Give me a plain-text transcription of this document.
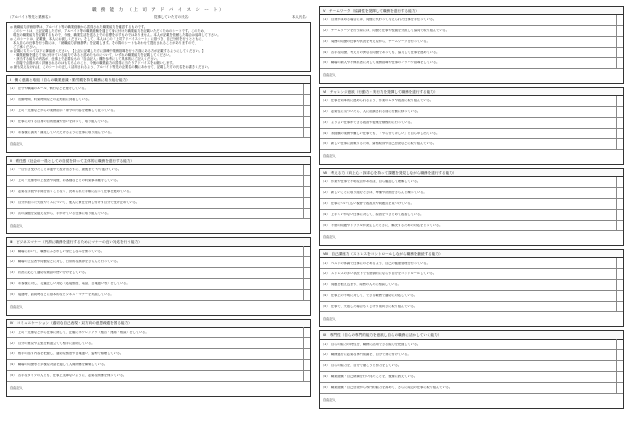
職 務 能 力 （上 司 ア ド バ イ ス シ ー ト）
（アルバイト等先と業務名）：	従事していた方の氏名：	本人氏名：
◎ 就職能力評価基準は、アルバイト等の職業経験から習得された職業能力を確認するものです。
　このシートは、上記記載した方が、アルバイト等の職業経験を通じて身に付けた職業能力を記載いただくためのシートです。このため、
　現在の職業能力を記載するもので、今後、職業生活を送る上での目標を示すものではありません。本人が記載を依頼した場合は返却して下さい。
◎ このシートは、記載後、本人にお渡しください。そして、本人はこの「上司アドバイスシート」に基づき、自己分析を行うとともに、
　本人自らの仕事を行う際には、「就職能力評価基準」を記載します。その際のシートもあわせて提出されることがありますので、
　ご了承ください。
◎ 記載にちたって以下に御留意ください。【上記に記載した方に訓練中業務指導を行う方面にある方が記載するようにしてください。】
　・職業経験を通じて身に付けている能力であると認めたものについて、いずれの職業能力を記載してください。
　・該当する能力の内容が、仕事上で必要なもの「自由記入」欄を参考にして具体的にご記入ください。
　・面接で点数が高く評価されるのはもちろんのこと、今後の職業能力の習得に当たりアドバイスをお願いします。
◎ 最も見えなければ、このシートの正しく活用されるよう、アルバイト等先の企業名の欄にあわせて、記載した方の氏名をお書きください。
Ⅰ　働く意識と取組（自らの職業意識・勤労観を持ち職務に取り組む能力）
（1）　法令や職場のルール、慣行などを遵守している。
（2）　出勤時間、約束時間などの定刻前に到着している。
（3）　上司・先輩などからの業務指示・命令の内容を理解して従っている。
（4）　仕事に対する自身の目的意識や思いを持って、取り組んでいる。
（5）　お客様に誠実・満足していただけるように仕事に取り組んでいる。
自由記入
Ⅱ　責任感（社会の一員としての自覚を持って主体的に職務を遂行する能力）
（1）　一旦引き受けたことは途中で投げ出さずに、最後まで やり遂げている。
（2）　上司・先輩等の上役者や同僚、お客様などとの約束事は厳守している。
（3）　必要な手続や手間を省くことなく、決められた手順に沿って仕事を進めている。
（4）　自分が担った失敗やミスについて、他人に責任を押し付けず自分で受け止めている。
（5）　次の課題を見据えながら、手がけている仕事に取り組んでいる。
自由記入
Ⅲ　ビジネスマナー（円滑に職務を遂行するためにマナーの良い対応を行う能力）
（1）　職場において、職務にふさわしい身だしなみを保っている。
（2）　職場の上位者や同僚などに対し、日常的な挨拶をきちんと行っている。
（3）　状況に応じて適切な敬語の使い分けをしている。
（4）　お客様に対し、礼儀正しい対応（応接態度、電話、言葉遣い等）をしている。
（5）　接遇時、訪問時などに基本的なビジネス・マナーを実践している。
自由記入
Ⅳ　コミュニケーション（適切な自己表現・双方向の意思疎通を図る能力）
（1）　上司・先輩などから仕事に関して、正確にホウレンソウ（報告・連絡・相談）をしている。
（2）　自分の意見や主張を筋道立てて相手に説明している。
（3）　相手の話す内容を把握し、適切な態度や言葉遣い、姿勢で傾聴している。
（4）　職場の同僚等と多様な対話を通して人間関係を構築している。
（5）　苦手なタイプの人とも、仕事上支障ないように、必要な関係を保っている。
自由記入
Ⅴ　チームワーク（協調性を発揮して職務を遂行する能力）
（1）　自身が求める場合には、同僚に代わって与えられた仕事を手伝っている。
（2）　チームワークを行う際には、同僚と仕事や役割を分担して協同で取り組んでいる。
（3）　周囲の同僚の仕事や状況を考えながら、チームワークを行っている。
（4）　苦手な同僚、考え方の異なる同僚であっても、協力して仕事を進めている。
（5）　職場の新人や不慣れ者に対して業務指導や仕事のノウハウ指導をしている。
自由記入
Ⅵ　チャレンジ意欲（行動力・実行力を発揮して職務を遂行する能力）
（1）　仕事を効率的に進められるよう、作業のムダや改善に取り組んでいる。
（2）　必要性に気づいたら、人に指摘される前に行動に移っている。
（3）　よりよい仕事ができる改善や提案を積極的に行っている。
（4）　未経験の業務や難しい仕事でも、「やらせてほしい」と自ら申し出ている。
（5）　新しい仕事に挑戦するため、資格取得や自己啓発などに取り組んでいる。
自由記入
Ⅶ　考える力（向上心・探求心を持って課題を発見しながら職務を遂行する能力）
（1）　作業や仕事で不明な点があれば、自ら確認して理解している。
（2）　新しいことに取り組むときは、準備や計画をきちんと練っている。
（3）　仕事について広い視野で改善点や問題点を見つけている。
（4）　上手くいかない仕事に対して、原因をつきとめて改善している。
（5）　不意の問題やトラブルが発生したときに、解決するための対応をとっている。
自由記入
Ⅷ　自己講座力（ストレスをコントロールしながら職務を継続する能力）
（1）　ベストの体調で仕事にのぞめるよう、自己の健康管理を行っている。
（2）　ストレスの多い状況下でも感情的にならず自分をコントロールしている。
（3）　問題を抱え込まず、周囲の人々に相談している。
（4）　仕事上の不明に対して、できる範囲で適切に対応している。
（5）　仕事で、失敗した場合もくじけず前向きに取り組んでいる。
自由記入
Ⅸ　専門性（自らの専門的能力を意欲し自らの職務に活かしていく能力）
（1）　自らの能力の特性を、職務に活用できる能力を把握している。
（2）　職務遂行に必要な専門知識を、自分で身に付けている。
（3）　自らの能力を、自分で磨こうと努力をしている。
（4）　職業経験・自己研鑽を行い得たことを、後輩に教えている。
（5）　職業経験・自己啓発から専門的能力を高めて、さらに周辺の仕事に取り組んでいる。
自由記入
